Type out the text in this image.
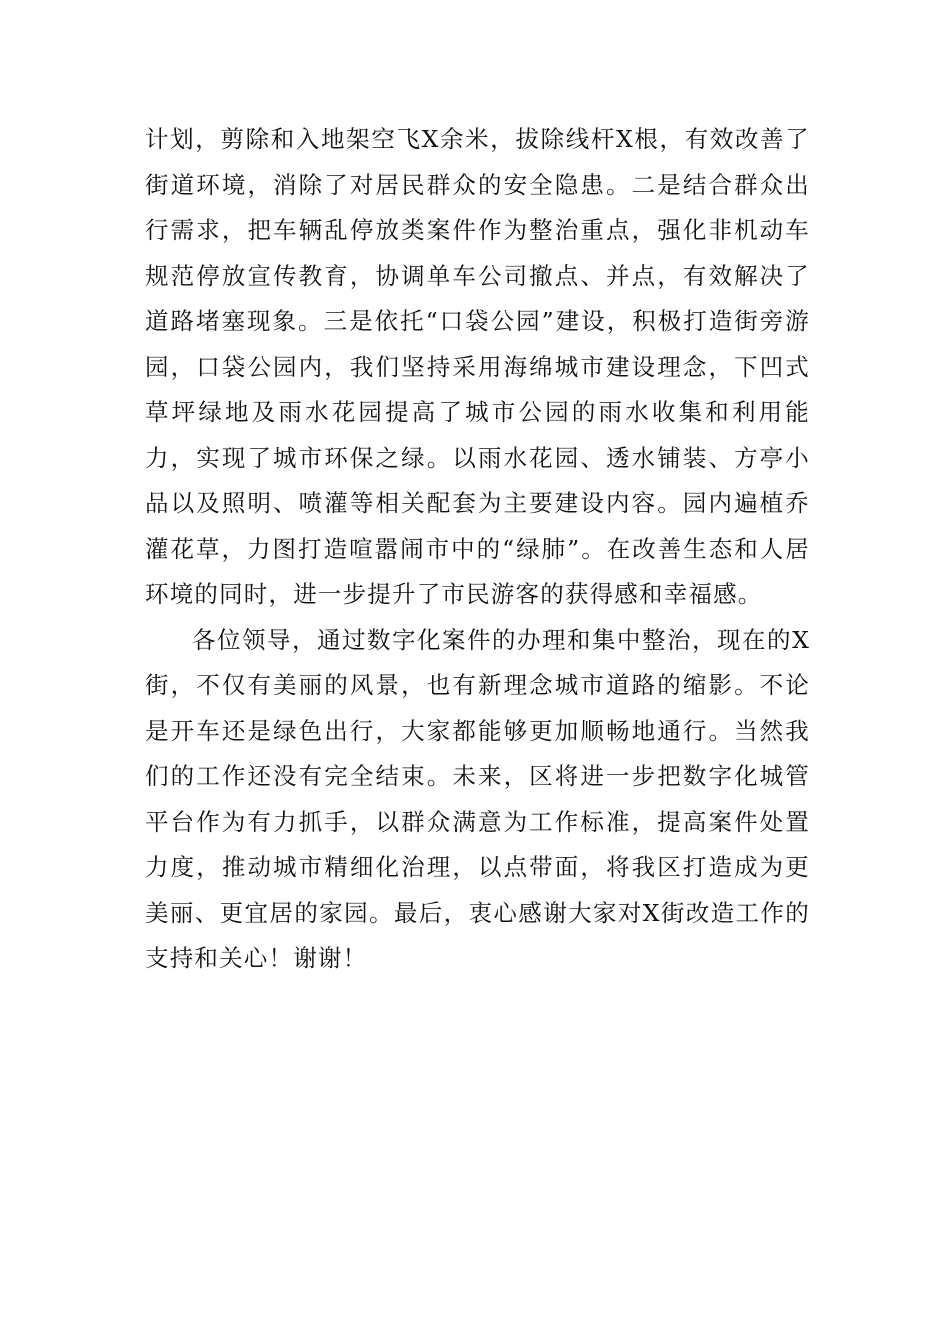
计划，剪除和入地架空飞X余米，拔除线杆X根，有效改善了街道环境，消除了对居民群众的安全隐患。二是结合群众出行需求，把车辆乱停放类案件作为整治重点，强化非机动车规范停放宣传教育，协调单车公司撤点、并点，有效解决了道路堵塞现象。三是依托“口袋公园”建设，积极打造街旁游园，口袋公园内，我们坚持采用海绵城市建设理念，下凹式草坪绿地及雨水花园提高了城市公园的雨水收集和利用能力，实现了城市环保之绿。以雨水花园、透水铺装、方亭小品以及照明、喷灌等相关配套为主要建设内容。园内遍植乔灌花草，力图打造喧嚣闹市中的“绿肺”。在改善生态和人居环境的同时，进一步提升了市民游客的获得感和幸福感。

各位领导，通过数字化案件的办理和集中整治，现在的X街，不仅有美丽的风景，也有新理念城市道路的缩影。不论是开车还是绿色出行，大家都能够更加顺畅地通行。当然我们的工作还没有完全结束。未来，区将进一步把数字化城管平台作为有力抓手，以群众满意为工作标准，提高案件处置力度，推动城市精细化治理，以点带面，将我区打造成为更美丽、更宜居的家园。最后，衷心感谢大家对X街改造工作的支持和关心！谢谢！
